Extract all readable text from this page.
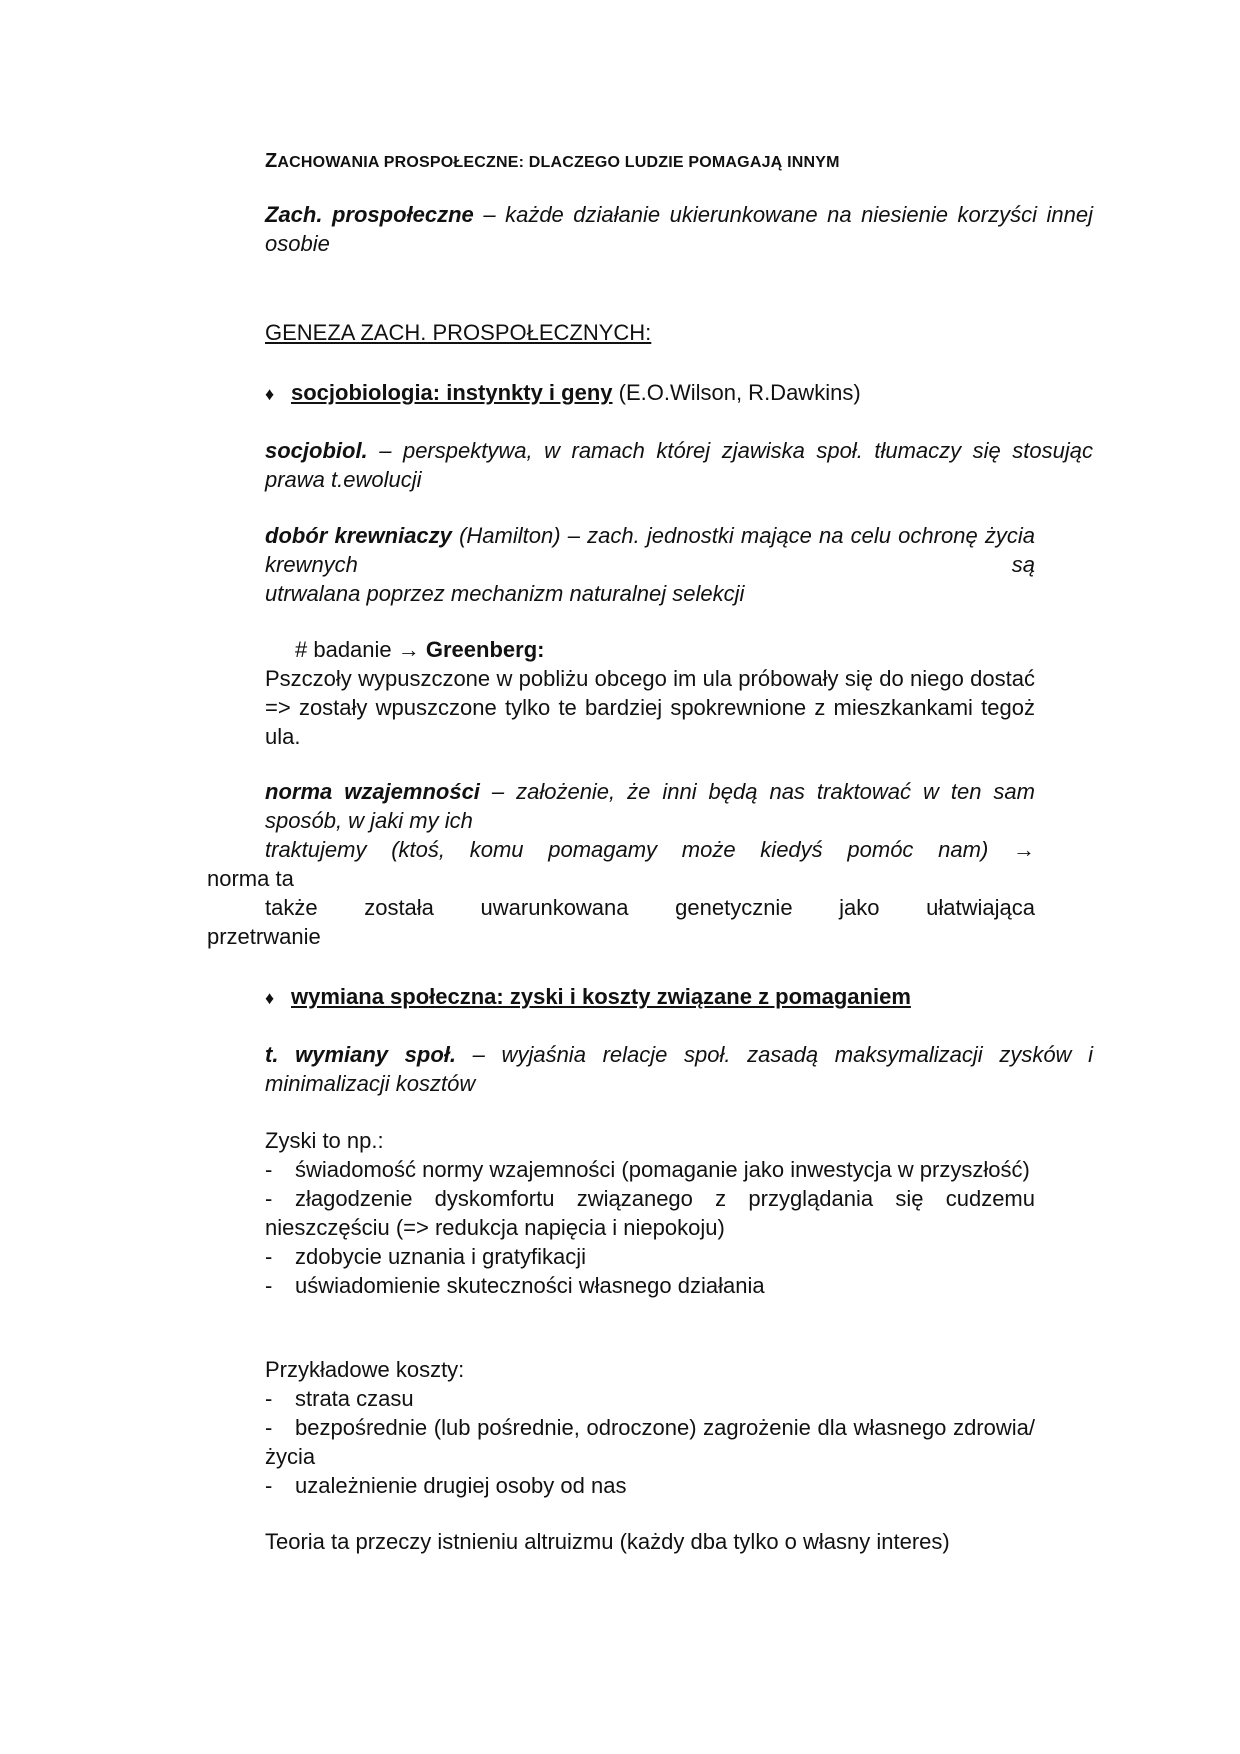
ZACHOWANIA PROSPOŁECZNE: DLACZEGO LUDZIE POMAGAJĄ INNYM
Zach. prospołeczne – każde działanie ukierunkowane na niesienie korzyści innej osobie
GENEZA ZACH. PROSPOŁECZNYCH:
♦ socjobiologia: instynkty i geny (E.O.Wilson, R.Dawkins)
socjobiol. – perspektywa, w ramach której zjawiska społ. tłumaczy się stosując prawa t.ewolucji
dobór krewniaczy (Hamilton) – zach. jednostki mające na celu ochronę życia krewnych są
utrwalana poprzez mechanizm naturalnej selekcji
# badanie → Greenberg:
Pszczoły wypuszczone w pobliżu obcego im ula próbowały się do niego dostać => zostały wpuszczone tylko te bardziej spokrewnione z mieszkankami tegoż ula.
norma wzajemności – założenie, że inni będą nas traktować w ten sam sposób, w jaki my ich
traktujemy (ktoś, komu pomagamy może kiedyś pomóc nam) →
norma ta
także została uwarunkowana genetycznie jako ułatwiająca
przetrwanie
♦ wymiana społeczna: zyski i koszty związane z pomaganiem
t. wymiany społ. – wyjaśnia relacje społ. zasadą maksymalizacji zysków i minimalizacji kosztów
Zyski to np.:
- świadomość normy wzajemności (pomaganie jako inwestycja w przyszłość)
- złagodzenie dyskomfortu związanego z przyglądania się cudzemu nieszczęściu (=> redukcja napięcia i niepokoju)
- zdobycie uznania i gratyfikacji
- uświadomienie skuteczności własnego działania
Przykładowe koszty:
- strata czasu
- bezpośrednie (lub pośrednie, odroczone) zagrożenie dla własnego zdrowia/ życia
- uzależnienie drugiej osoby od nas
Teoria ta przeczy istnieniu altruizmu (każdy dba tylko o własny interes)
